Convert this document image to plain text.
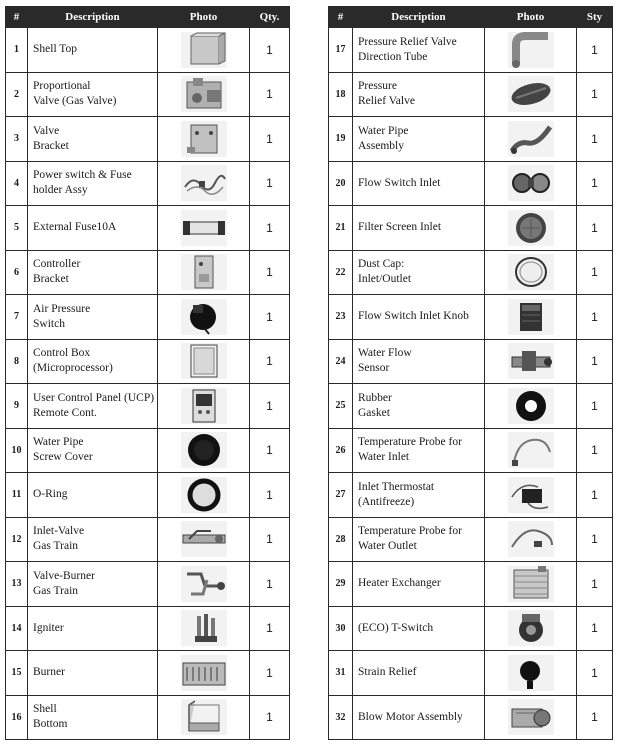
#	Description	Photo	Qty.
1	Shell Top		1
2	Proportional
Valve (Gas Valve)		1
3	Valve
Bracket		1
4	Power switch & Fuse
holder Assy		1
5	External Fuse10A		1
6	Controller
Bracket		1
7	Air Pressure
Switch		1
8	Control Box
(Microprocessor)		1
9	User Control Panel (UCP)
Remote Cont.		1
10	Water Pipe
Screw Cover		1
11	O-Ring		1
12	Inlet-Valve
Gas Train		1
13	Valve-Burner
Gas Train		1
14	Igniter		1
15	Burner		1
16	Shell
Bottom		1
#	Description	Photo	Sty
17	Pressure Relief Valve
Direction Tube		1
18	Pressure
Relief Valve		1
19	Water Pipe
Assembly		1
20	Flow Switch Inlet		1
21	Filter Screen Inlet		1
22	Dust Cap:
Inlet/Outlet		1
23	Flow Switch Inlet Knob		1
24	Water Flow
Sensor		1
25	Rubber
Gasket		1
26	Temperature Probe for
Water Inlet		1
27	Inlet Thermostat
(Antifreeze)		1
28	Temperature Probe for
Water Outlet		1
29	Heater Exchanger		1
30	(ECO) T-Switch		1
31	Strain Relief		1
32	Blow Motor Assembly		1
